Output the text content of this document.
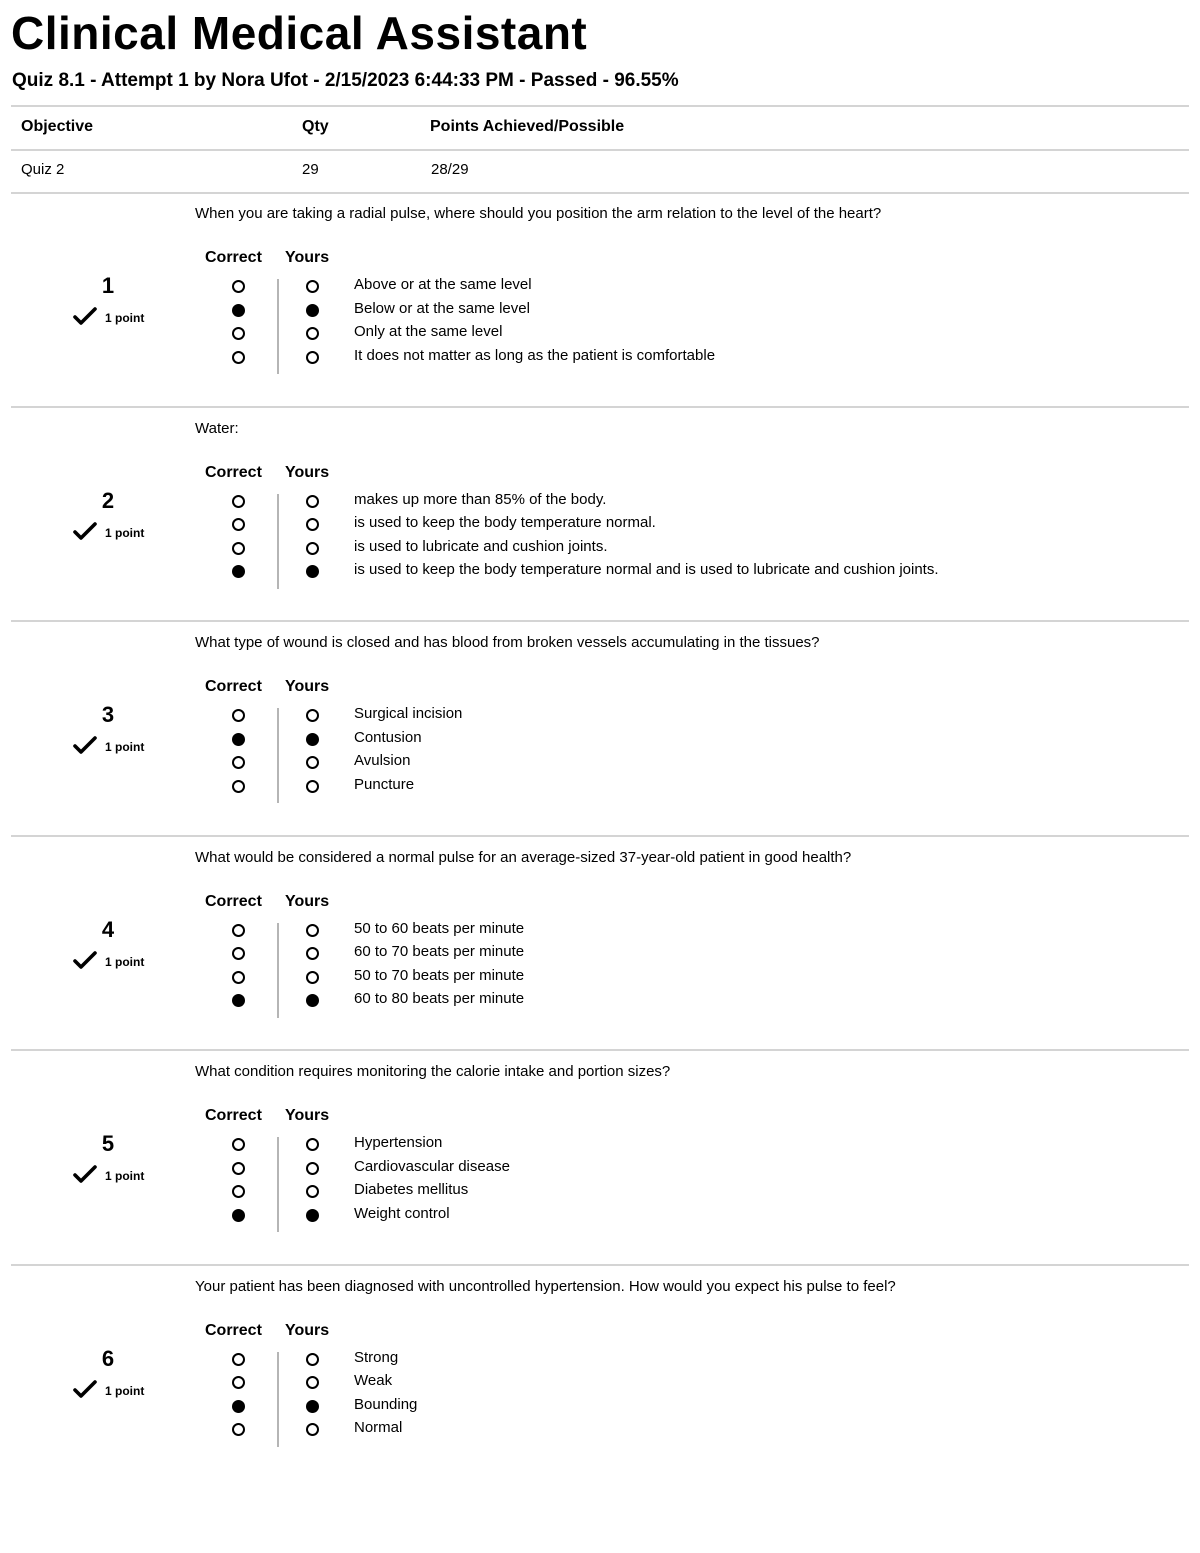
Clinical Medical Assistant
Quiz 8.1 - Attempt 1 by Nora Ufot - 2/15/2023 6:44:33 PM - Passed - 96.55%
Objective	Qty	Points Achieved/Possible
Quiz 2	29	28/29
When you are taking a radial pulse, where should you position the arm relation to the level of the heart?
Correct Yours
1
1 point
Above or at the same level
Below or at the same level
Only at the same level
It does not matter as long as the patient is comfortable
Water:
Correct Yours
2
1 point
makes up more than 85% of the body.
is used to keep the body temperature normal.
is used to lubricate and cushion joints.
is used to keep the body temperature normal and is used to lubricate and cushion joints.
What type of wound is closed and has blood from broken vessels accumulating in the tissues?
Correct Yours
3
1 point
Surgical incision
Contusion
Avulsion
Puncture
What would be considered a normal pulse for an average-sized 37-year-old patient in good health?
Correct Yours
4
1 point
50 to 60 beats per minute
60 to 70 beats per minute
50 to 70 beats per minute
60 to 80 beats per minute
What condition requires monitoring the calorie intake and portion sizes?
Correct Yours
5
1 point
Hypertension
Cardiovascular disease
Diabetes mellitus
Weight control
Your patient has been diagnosed with uncontrolled hypertension. How would you expect his pulse to feel?
Correct Yours
6
1 point
Strong
Weak
Bounding
Normal
